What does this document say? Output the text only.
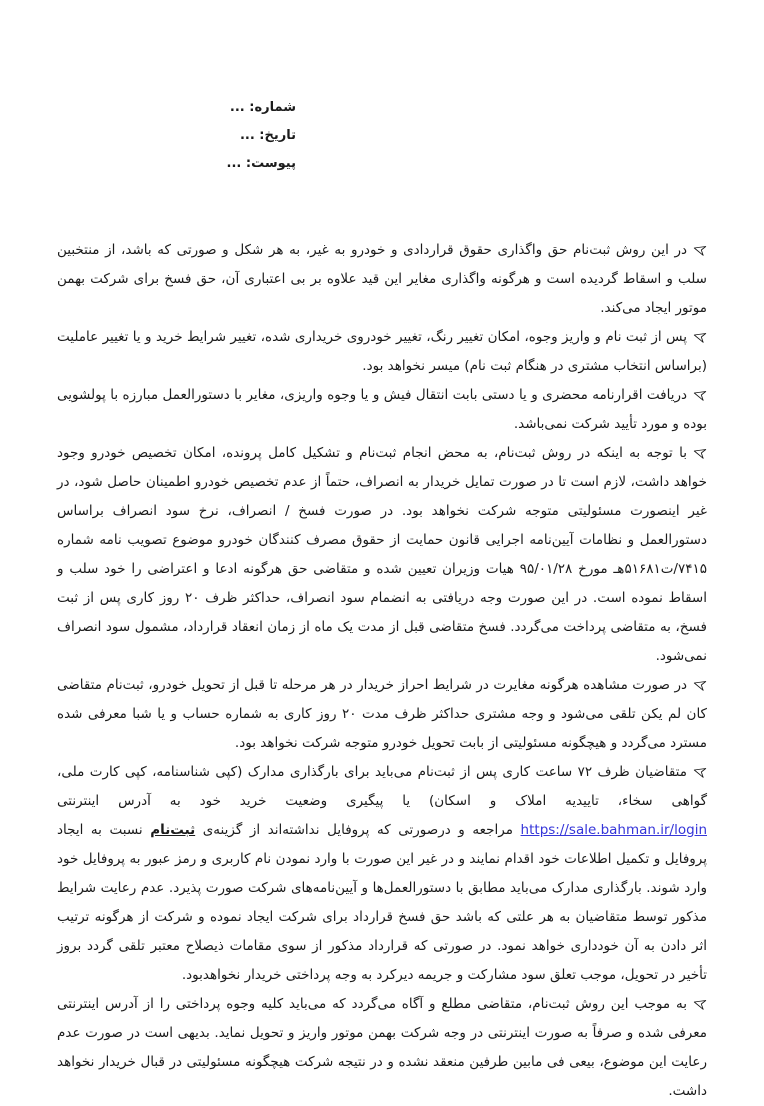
شماره: ...
تاریخ: ...
پیوست: ...

در این روش ثبت‌نام حق واگذاری حقوق قراردادی و خودرو به غیر، به هر شکل و صورتی که باشد، از منتخبین سلب و اسقاط گردیده است و هرگونه واگذاری مغایر این قید علاوه بر بی اعتباری آن، حق فسخ برای شرکت بهمن موتور ایجاد می‌کند.

پس از ثبت نام و واریز وجوه، امکان تغییر رنگ، تغییر خودروی خریداری شده، تغییر شرایط خرید و یا تغییر عاملیت (براساس انتخاب مشتری در هنگام ثبت نام) میسر نخواهد بود.

دریافت اقرارنامه محضری و یا دستی بابت انتقال فیش و یا وجوه واریزی، مغایر با دستورالعمل مبارزه با پولشویی بوده و مورد تأیید شرکت نمی‌باشد.

با توجه به اینکه در روش ثبت‌نام، به محض انجام ثبت‌نام و تشکیل کامل پرونده، امکان تخصیص خودرو وجود خواهد داشت، لازم است تا در صورت تمایل خریدار به انصراف، حتماً از عدم تخصیص خودرو اطمینان حاصل شود، در غیر اینصورت مسئولیتی متوجه شرکت نخواهد بود. در صورت فسخ / انصراف، نرخ سود انصراف براساس دستورالعمل و نظامات آیین‌نامه اجرایی قانون حمایت از حقوق مصرف کنندگان خودرو موضوع تصویب نامه شماره ۷۴۱۵/ت۵۱۶۸۱هـ مورخ ۹۵/۰۱/۲۸ هیات وزیران تعیین شده و متقاضی حق هرگونه ادعا و اعتراضی را خود سلب و اسقاط نموده است. در این صورت وجه دریافتی به انضمام سود انصراف، حداکثر ظرف ۲۰ روز کاری پس از ثبت فسخ، به متقاضی پرداخت می‌گردد. فسخ متقاضی قبل از مدت یک ماه از زمان انعقاد قرارداد، مشمول سود انصراف نمی‌شود.

در صورت مشاهده هرگونه مغایرت در شرایط احراز خریدار در هر مرحله تا قبل از تحویل خودرو، ثبت‌نام متقاضی کان لم یکن تلقی می‌شود و وجه مشتری حداکثر ظرف مدت ۲۰ روز کاری به شماره حساب و یا شبا معرفی شده مسترد می‌گردد و هیچگونه مسئولیتی از بابت تحویل خودرو متوجه شرکت نخواهد بود.

متقاضیان ظرف ۷۲ ساعت کاری پس از ثبت‌نام می‌باید برای بارگذاری مدارک (کپی شناسنامه، کپی کارت ملی، گواهی سخاء، تاییدیه املاک و اسکان) یا پیگیری وضعیت خرید خود به آدرس اینترنتی https://sale.bahman.ir/login مراجعه و درصورتی که پروفایل نداشته‌اند از گزینه‌ی ثبت‌نام نسبت به ایجاد پروفایل و تکمیل اطلاعات خود اقدام نمایند و در غیر این صورت با وارد نمودن نام کاربری و رمز عبور به پروفایل خود وارد شوند. بارگذاری مدارک می‌باید مطابق با دستورالعمل‌ها و آیین‌نامه‌های شرکت صورت پذیرد. عدم رعایت شرایط مذکور توسط متقاضیان به هر علتی که باشد حق فسخ قرارداد برای شرکت ایجاد نموده و شرکت از هرگونه ترتیب اثر دادن به آن خودداری خواهد نمود. در صورتی که قرارداد مذکور از سوی مقامات ذیصلاح معتبر تلقی گردد بروز تأخیر در تحویل، موجب تعلق سود مشارکت و جریمه دیرکرد به وجه پرداختی خریدار نخواهدبود.

به موجب این روش ثبت‌نام، متقاضی مطلع و آگاه می‌گردد که می‌باید کلیه وجوه پرداختی را از آدرس اینترنتی معرفی شده و صرفاً به صورت اینترنتی در وجه شرکت بهمن موتور واریز و تحویل نماید. بدیهی است در صورت عدم رعایت این موضوع، بیعی فی مابین طرفین منعقد نشده و در نتیجه شرکت هیچگونه مسئولیتی در قبال خریدار نخواهد داشت.
